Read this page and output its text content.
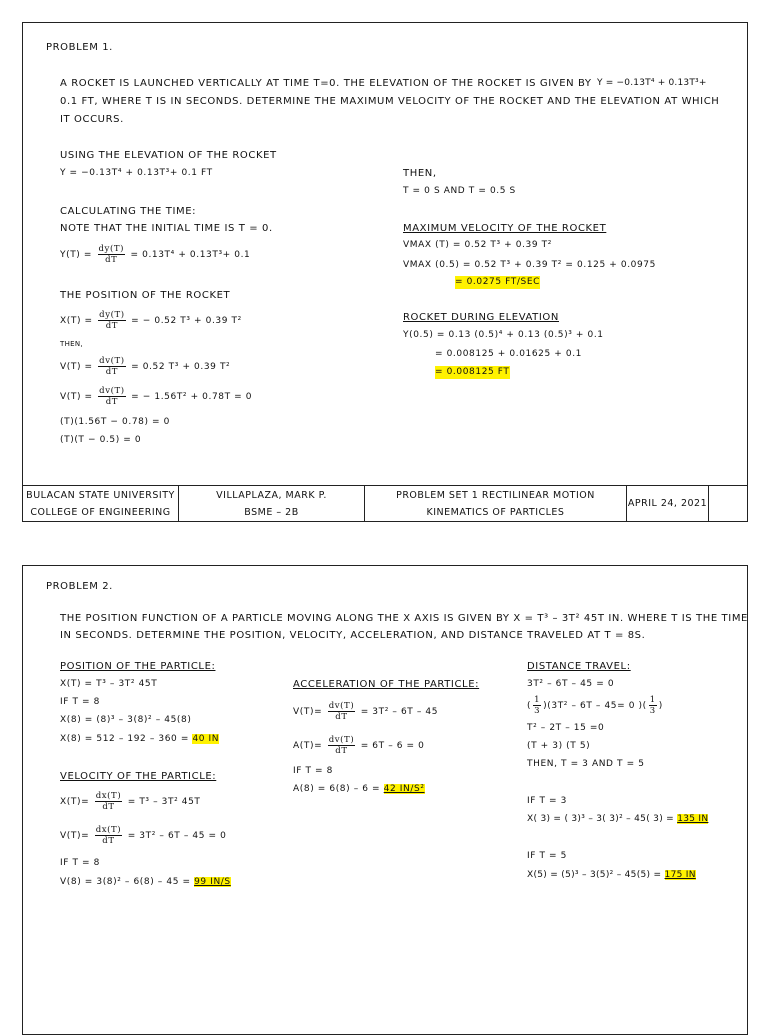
PROBLEM 1.
A ROCKET IS LAUNCHED VERTICALLY AT TIME T=0. THE ELEVATION OF THE ROCKET IS GIVEN BY Y = −0.13T⁴ + 0.13T³+
0.1 FT, WHERE T IS IN SECONDS. DETERMINE THE MAXIMUM VELOCITY OF THE ROCKET AND THE ELEVATION AT WHICH
IT OCCURS.
USING THE ELEVATION OF THE ROCKET
Y = −0.13T⁴ + 0.13T³+ 0.1 FT
CALCULATING THE TIME:
NOTE THAT THE INITIAL TIME IS T = 0.
$Y(T) = \frac{dy(T)}{dT} = 0.13T^4 + 0.13T^3+ 0.1$
THE POSITION OF THE ROCKET
$X(T) = \frac{dy(T)}{dT}$ = − 0.52 T³ + 0.39 T²
THEN,
$V(T) = \frac{dv(T)}{dT} = 0.52$ T³ + 0.39 T²
$V(T) = \frac{dv(T)}{dT}$ = − 1.56T² + 0.78T = 0
(T)(1.56T − 0.78) = 0
(T)(T − 0.5) = 0
THEN,
T = 0 S AND T = 0.5 S
MAXIMUM VELOCITY OF THE ROCKET
VMAX (T) = 0.52 T³ + 0.39 T²
VMAX (0.5) = 0.52 T³ + 0.39 T² = 0.125 + 0.0975
= 0.0275 FT/SEC
ROCKET DURING ELEVATION
Y(0.5) = 0.13 (0.5)⁴ + 0.13 (0.5)³ + 0.1
= 0.008125 + 0.01625 + 0.1
= 0.008125 FT
BULACAN STATE UNIVERSITY
COLLEGE OF ENGINEERING
VILLAPLAZA, MARK P.
BSME – 2B
PROBLEM SET 1 RECTILINEAR MOTION
KINEMATICS OF PARTICLES
APRIL 24, 2021
PROBLEM 2.
THE POSITION FUNCTION OF A PARTICLE MOVING ALONG THE X AXIS IS GIVEN BY X = T³ – 3T² 45T IN. WHERE T IS THE TIME
IN SECONDS. DETERMINE THE POSITION, VELOCITY, ACCELERATION, AND DISTANCE TRAVELED AT T = 8S.
POSITION OF THE PARTICLE:
X(T) = T³ – 3T² 45T
IF T = 8
X(8) = (8)³ – 3(8)² – 45(8)
X(8) = 512 – 192 – 360 = 40 IN
VELOCITY OF THE PARTICLE:
$X(T)= \frac{dx(T)}{dT} = T^3 - 3T^2$ 45T
$V(T)= \frac{dx(T)}{dT} = 3T^2 - 6T - 45 = 0$
IF T = 8
V(8) = 3(8)² – 6(8) – 45 = 99 IN/S
ACCELERATION OF THE PARTICLE:
$V(T)= \frac{dv(T)}{dT} = 3T^2 - 6T - 45$
$A(T)= \frac{dv(T)}{dT} = 6T - 6 = 0$
IF T = 8
A(8) = 6(8) – 6 = 42 IN/S²
DISTANCE TRAVEL:
3T² – 6T – 45 = 0
( $\frac{1}{3} )(3T^2 - 6T - 45= 0$ )( $\frac{1}{3}$ )
T² – 2T – 15 =0
(T + 3) (T 5)
THEN, T = 3 AND T = 5
IF T = 3
X( 3) = ( 3)³ – 3( 3)² – 45( 3) = 135 IN
IF T = 5
X(5) = (5)³ – 3(5)² – 45(5) = 175 IN
